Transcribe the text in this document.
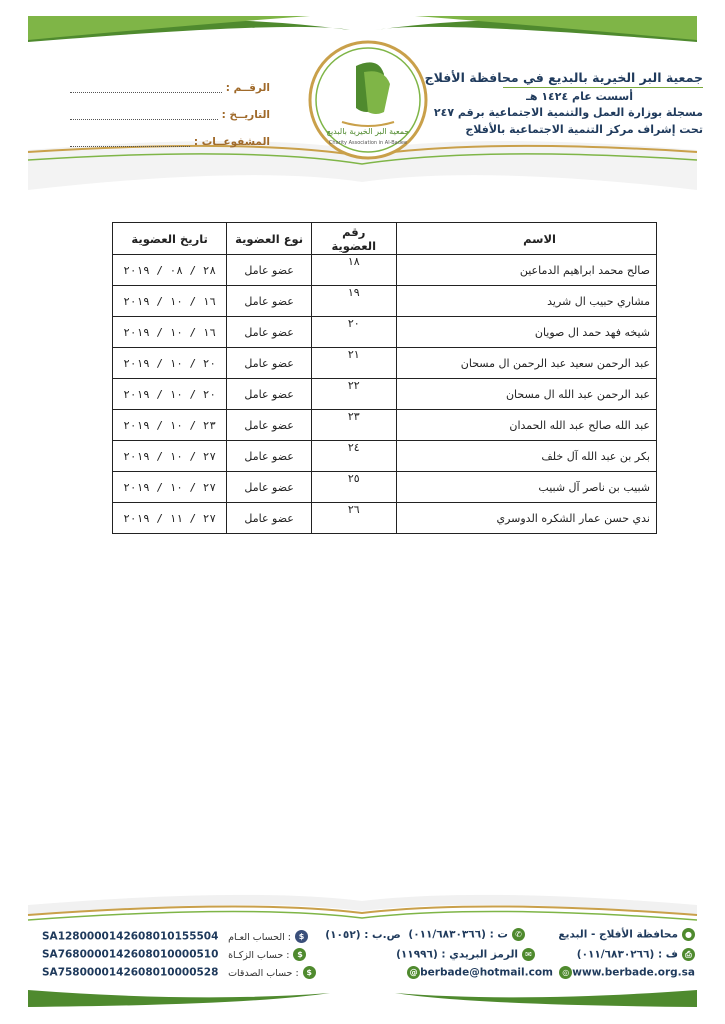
جمعية البر الخيرية بالبديع
Charity Association in Al-Badee
جمعية البر الخيرية بالبديع في محافظة الأفلاج
أسست عام ١٤٢٤ هـ
مسجلة بوزارة العمل والتنمية الاجتماعية برقم ٢٤٧
تحت إشراف مركز التنمية الاجتماعية بالأفلاج
الرقــم :
التاريــخ :
المشفوعــات :
الاسم	رقم العضوية	نوع العضوية	تاريخ العضوية
صالح محمد ابراهيم الدماعين	١٨	عضو عامل	٢٨ / ٠٨ / ٢٠١٩
مشاري حبيب ال شريد	١٩	عضو عامل	١٦ / ١٠ / ٢٠١٩
شيخه فهد حمد ال صويان	٢٠	عضو عامل	١٦ / ١٠ / ٢٠١٩
عبد الرحمن سعيد عبد الرحمن ال مسحان	٢١	عضو عامل	٢٠ / ١٠ / ٢٠١٩
عبد الرحمن عبد الله ال مسحان	٢٢	عضو عامل	٢٠ / ١٠ / ٢٠١٩
عبد الله صالح عبد الله الحمدان	٢٣	عضو عامل	٢٣ / ١٠ / ٢٠١٩
بكر بن عبد الله آل خلف	٢٤	عضو عامل	٢٧ / ١٠ / ٢٠١٩
شبيب بن ناصر آل شبيب	٢٥	عضو عامل	٢٧ / ١٠ / ٢٠١٩
ندي حسن عمار الشكره الدوسري	٢٦	عضو عامل	٢٧ / ١١ / ٢٠١٩
●محافظة الأفلاج - البديع
✆ت : (٠١١/٦٨٣٠٣٦٦) ص.ب : (١٠٥٢)
⎙ف : (٠١١/٦٨٣٠٢٦٦)
✉الرمز البريدي : (١١٩٩٦)
◎ www.berbade.org.sa
@ berbade@hotmail.com
SA1280000142608010155504 الحساب العـام : $
SA7680000142608010000510 حساب الزكـاة : $
SA7580000142608010000528 حساب الصدقات : $
